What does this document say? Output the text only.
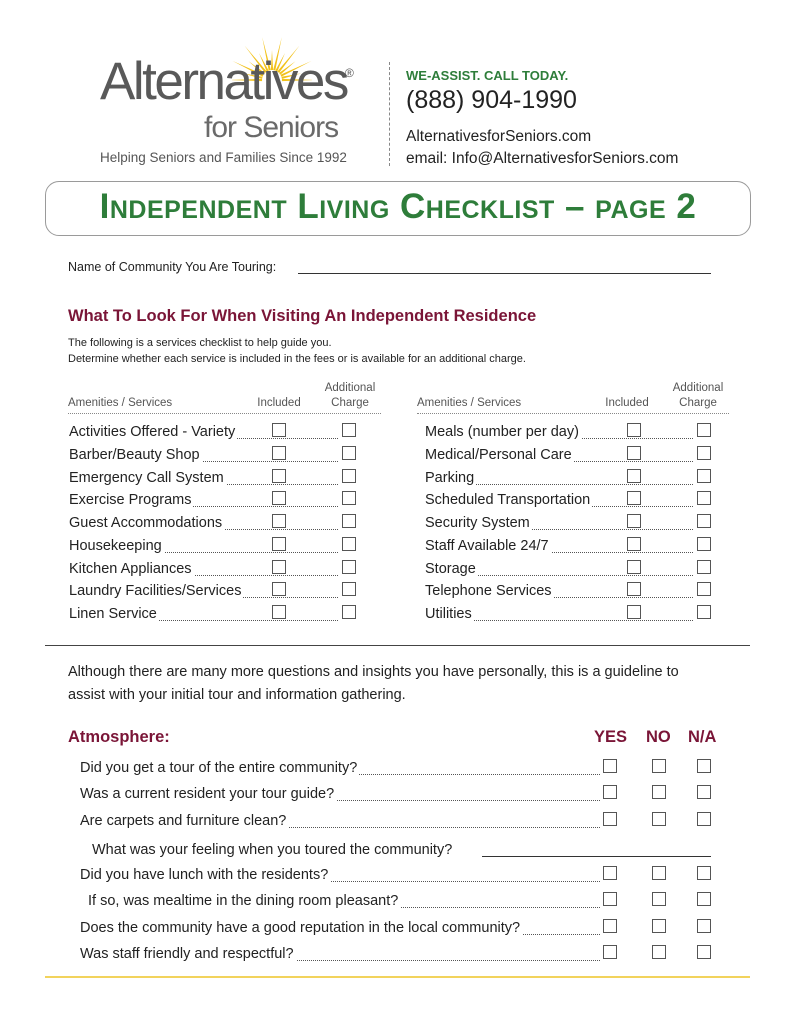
Alternatives
®
for Seniors
Helping Seniors and Families Since 1992
WE-ASSIST. CALL TODAY.
(888) 904-1990
AlternativesforSeniors.com
email: Info@AlternativesforSeniors.com
Independent Living Checklist – page 2
Name of Community You Are Touring:
What To Look For When Visiting An Independent Residence
The following is a services checklist to help guide you.
Determine whether each service is included in the fees or is available for an additional charge.
Amenities / Services	Included
Additional
Charge	Amenities / Services	Included
Additional
Charge
Activities Offered - Variety
Barber/Beauty Shop
Emergency Call System
Exercise Programs
Guest Accommodations
Housekeeping
Kitchen Appliances
Laundry Facilities/Services
Linen Service
Meals (number per day)
Medical/Personal Care
Parking
Scheduled Transportation
Security System
Staff Available 24/7
Storage
Telephone Services
Utilities
Although there are many more questions and insights you have personally, this is a guideline to
assist with your initial tour and information gathering.
Atmosphere:	YES NO N/A
Did you get a tour of the entire community?
Was a current resident your tour guide?
Are carpets and furniture clean?
What was your feeling when you toured the community?
Did you have lunch with the residents?
If so, was mealtime in the dining room pleasant?
Does the community have a good reputation in the local community?
Was staff friendly and respectful?
